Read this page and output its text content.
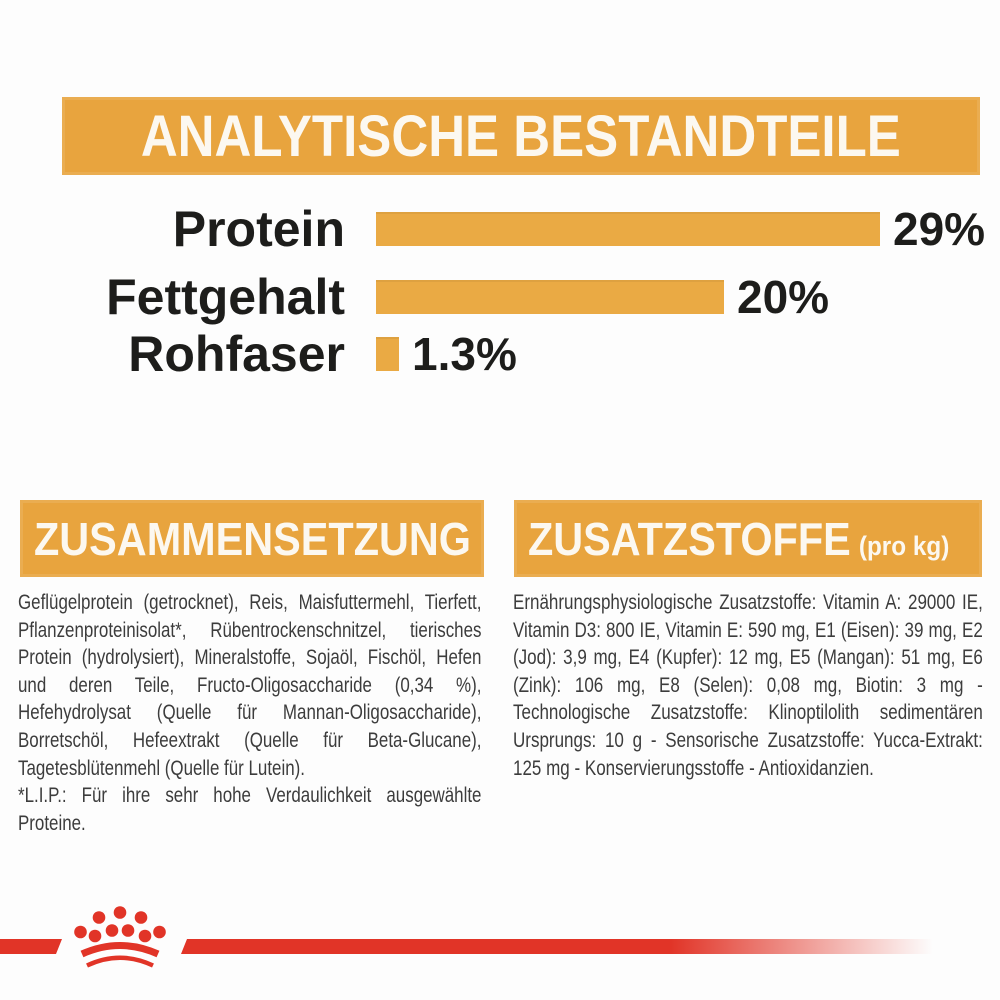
ANALYTISCHE BESTANDTEILE
Protein	29%
Fettgehalt	20%
Rohfaser 1.3%
ZUSAMMENSETZUNG

Geflügelprotein (getrocknet), Reis, Maisfuttermehl, Tierfett, Pflanzenproteinisolat*, Rübentrockenschnitzel, tierisches Protein (hydrolysiert), Mineralstoffe, Sojaöl, Fischöl, Hefen und deren Teile, Fructo-Oligosaccharide (0,34 %), Hefehydrolysat (Quelle für Mannan-Oligosaccharide), Borretschöl, Hefeextrakt (Quelle für Beta-Glucane), Tagetesblütenmehl (Quelle für Lutein).

*L.I.P.: Für ihre sehr hohe Verdaulichkeit ausgewählte Proteine.

ZUSATZSTOFFE (pro kg)

Ernährungsphysiologische Zusatzstoffe: Vitamin A: 29000 IE, Vitamin D3: 800 IE, Vitamin E: 590 mg, E1 (Eisen): 39 mg, E2 (Jod): 3,9 mg, E4 (Kupfer): 12 mg, E5 (Mangan): 51 mg, E6 (Zink): 106 mg, E8 (Selen): 0,08 mg, Biotin: 3 mg - Technologische Zusatzstoffe: Klinoptilolith sedimentären Ursprungs: 10 g - Sensorische Zusatzstoffe: Yucca-Extrakt: 125 mg - Konservierungsstoffe - Antioxidanzien.
